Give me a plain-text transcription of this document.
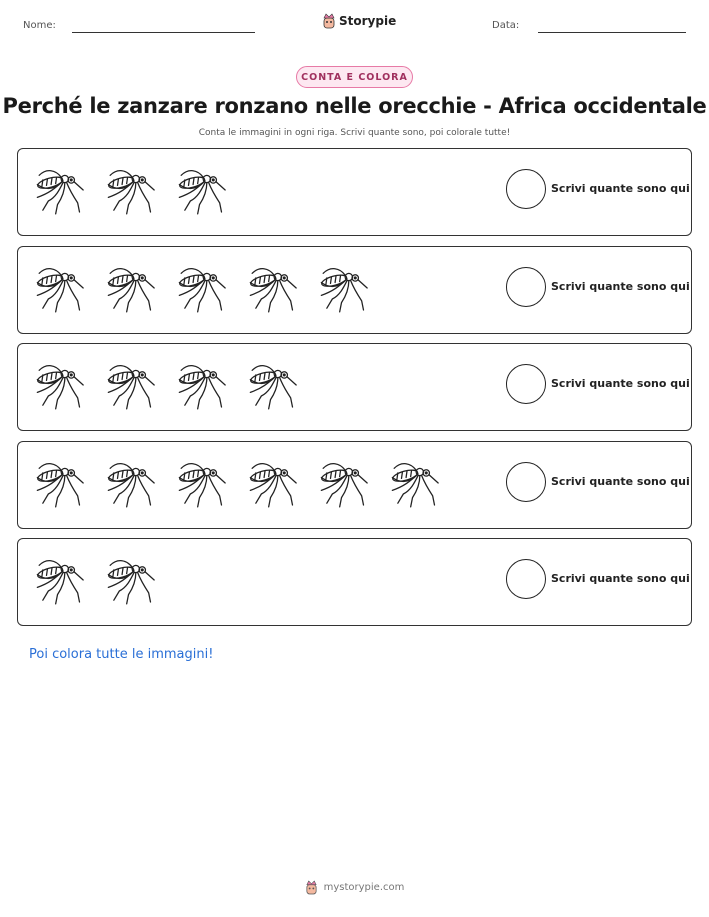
Nome:	Storypie	Data:
CONTA E COLORA
Perché le zanzare ronzano nelle orecchie - Africa occidentale
Conta le immagini in ogni riga. Scrivi quante sono, poi colorale tutte!
Scrivi quante sono qui
Scrivi quante sono qui
Scrivi quante sono qui
Scrivi quante sono qui
Scrivi quante sono qui
Poi colora tutte le immagini!
mystorypie.com
